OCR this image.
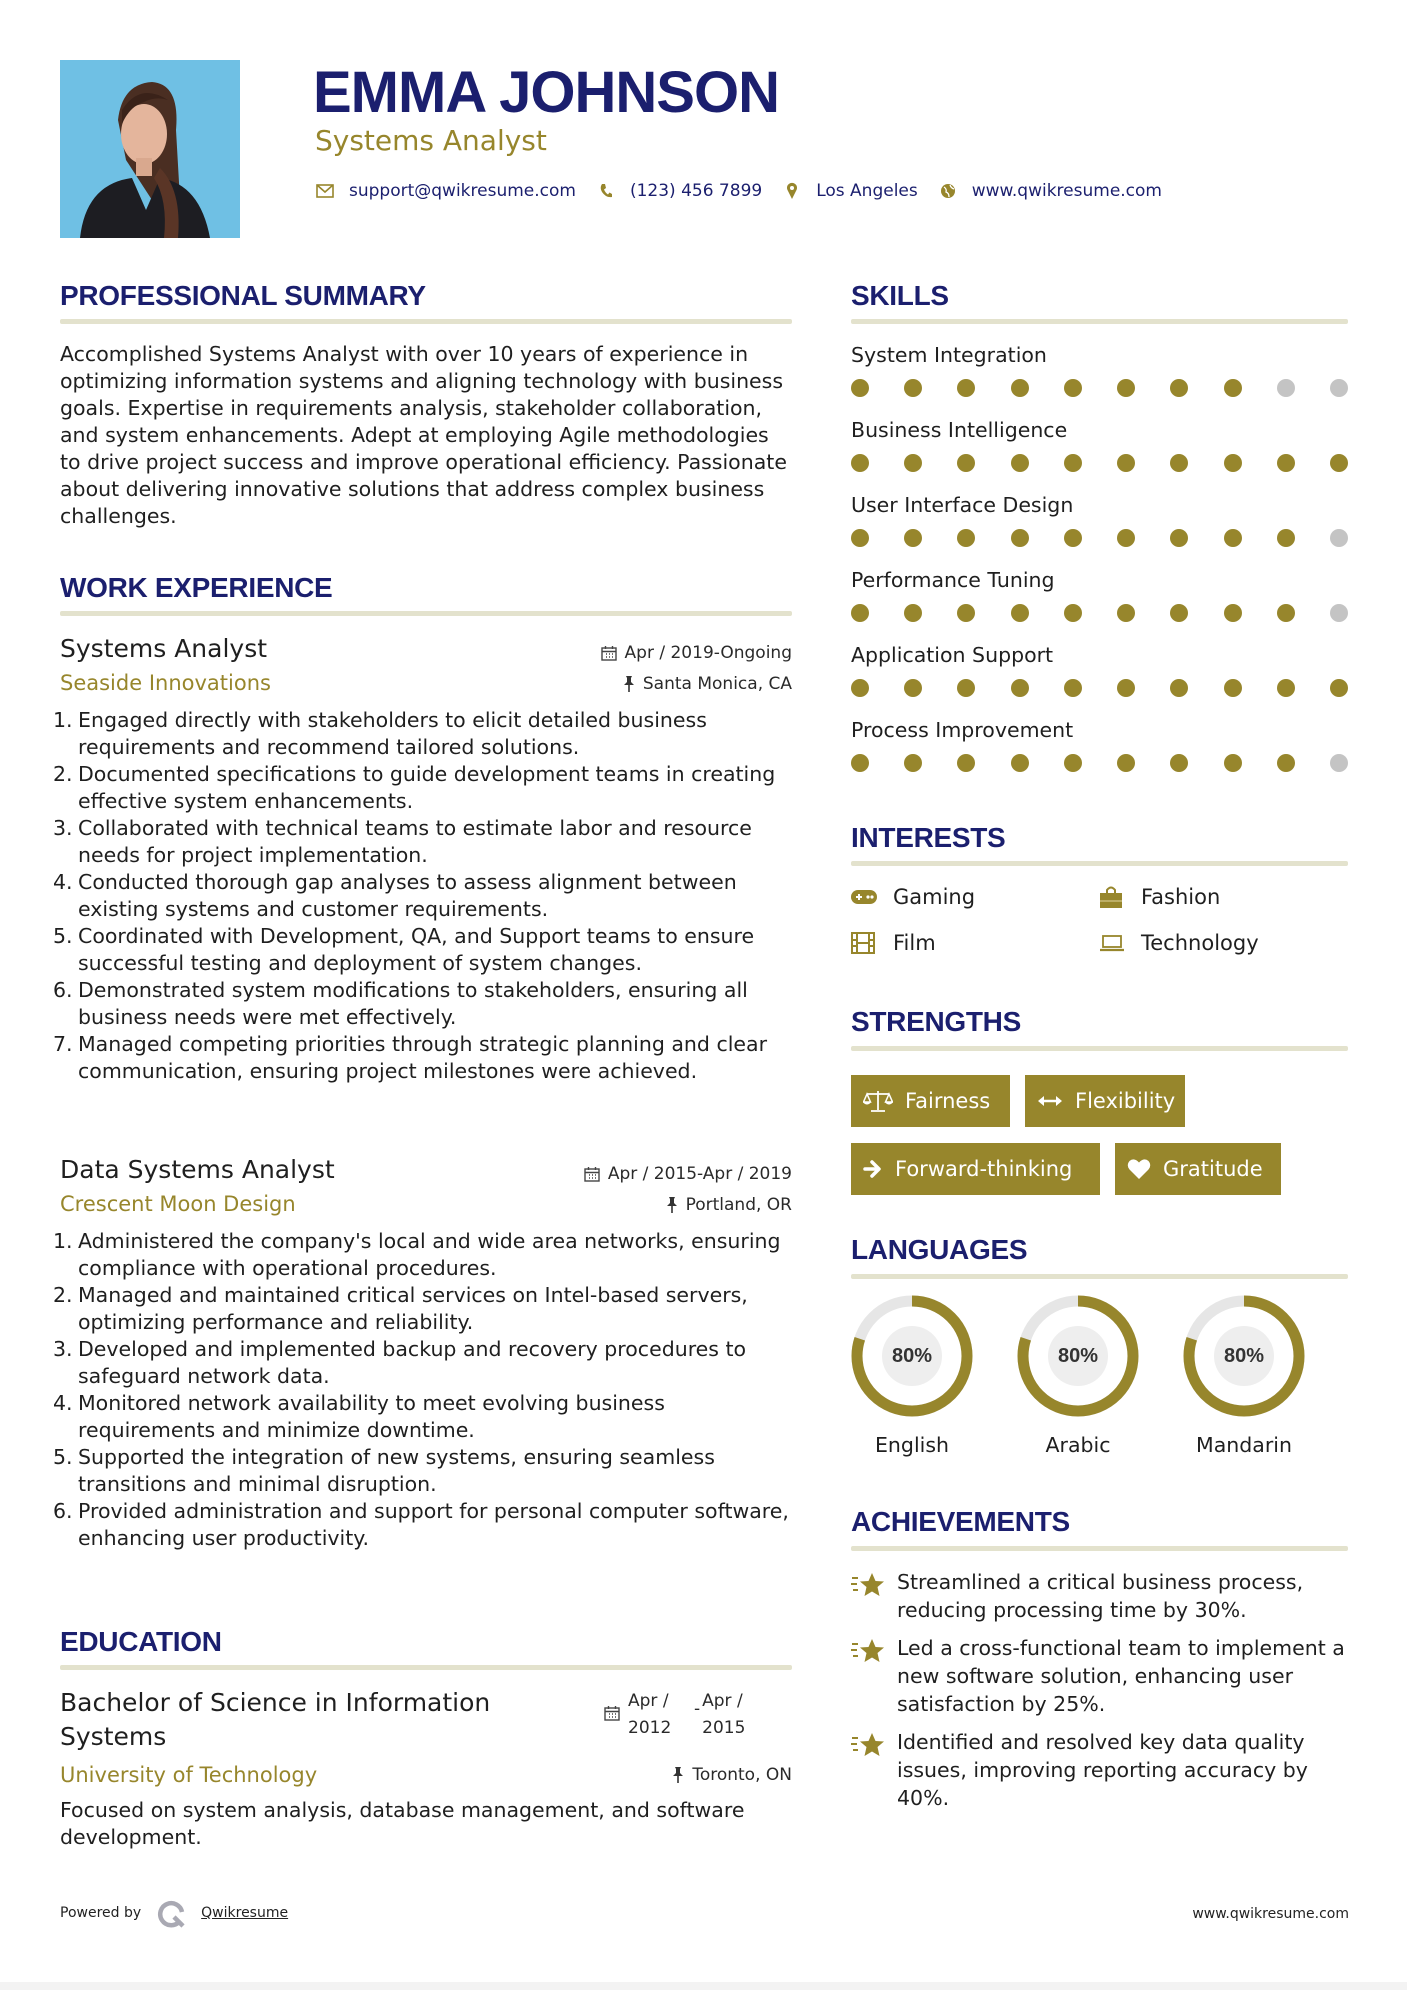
EMMA JOHNSON
Systems Analyst
support@qwikresume.com	(123) 456 7899	Los Angeles	www.qwikresume.com
PROFESSIONAL SUMMARY
Accomplished Systems Analyst with over 10 years of experience in optimizing information systems and aligning technology with business goals. Expertise in requirements analysis, stakeholder collaboration, and system enhancements. Adept at employing Agile methodologies to drive project success and improve operational efficiency. Passionate about delivering innovative solutions that address complex business challenges.
WORK EXPERIENCE
Systems Analyst	Apr / 2019-Ongoing
Seaside Innovations	Santa Monica, CA
1. Engaged directly with stakeholders to elicit detailed business requirements and recommend tailored solutions.
2. Documented specifications to guide development teams in creating effective system enhancements.
3. Collaborated with technical teams to estimate labor and resource needs for project implementation.
4. Conducted thorough gap analyses to assess alignment between existing systems and customer requirements.
5. Coordinated with Development, QA, and Support teams to ensure successful testing and deployment of system changes.
6. Demonstrated system modifications to stakeholders, ensuring all business needs were met effectively.
7. Managed competing priorities through strategic planning and clear communication, ensuring project milestones were achieved.
Data Systems Analyst	Apr / 2015-Apr / 2019
Crescent Moon Design	Portland, OR
1. Administered the company's local and wide area networks, ensuring compliance with operational procedures.
2. Managed and maintained critical services on Intel-based servers, optimizing performance and reliability.
3. Developed and implemented backup and recovery procedures to safeguard network data.
4. Monitored network availability to meet evolving business requirements and minimize downtime.
5. Supported the integration of new systems, ensuring seamless transitions and minimal disruption.
6. Provided administration and support for personal computer software, enhancing user productivity.
EDUCATION
Bachelor of Science in Information Systems
Apr / 2012
- Apr / 2015
University of Technology	Toronto, ON
Focused on system analysis, database management, and software development.
SKILLS
System Integration
Business Intelligence
User Interface Design
Performance Tuning
Application Support
Process Improvement
INTERESTS
Gaming	Fashion
Film	Technology
STRENGTHS
Fairness	Flexibility
Forward-thinking	Gratitude
LANGUAGES
80%
English
80%
Arabic
80%
Mandarin
ACHIEVEMENTS
Streamlined a critical business process, reducing processing time by 30%.
Led a cross-functional team to implement a new software solution, enhancing user satisfaction by 25%.
Identified and resolved key data quality issues, improving reporting accuracy by 40%.
Powered by	Qwikresume	www.qwikresume.com
